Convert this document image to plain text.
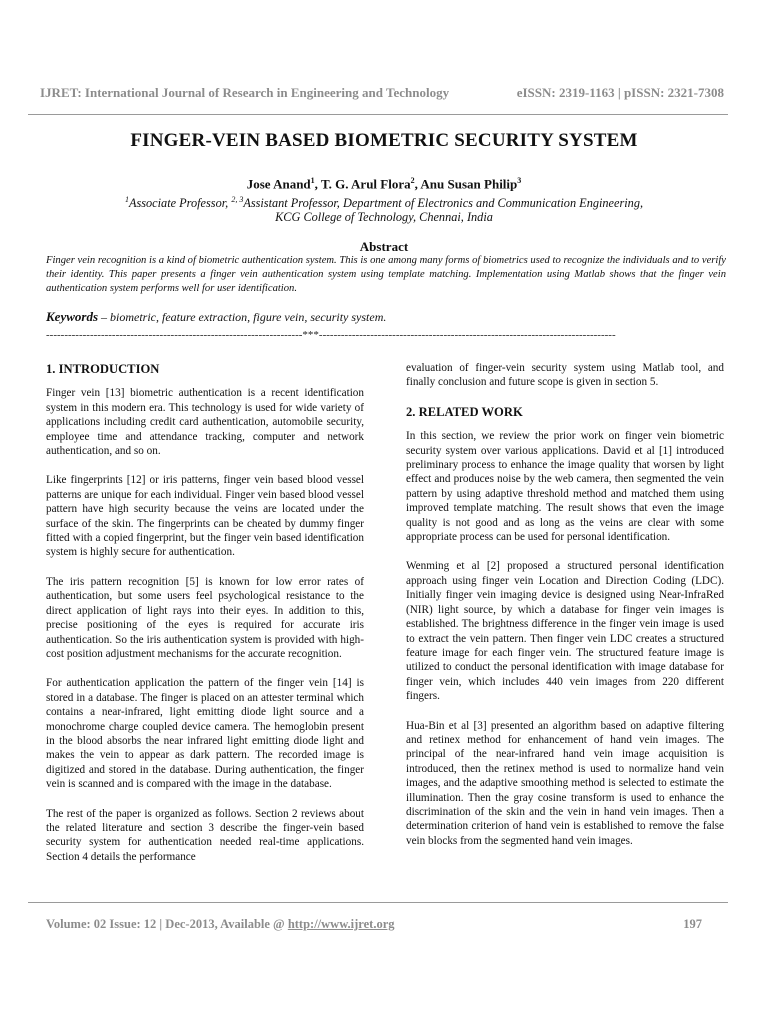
IJRET: International Journal of Research in Engineering and Technology	eISSN: 2319-1163 | pISSN: 2321-7308
FINGER-VEIN BASED BIOMETRIC SECURITY SYSTEM
Jose Anand$^1$, T. G. Arul Flora$^2$, Anu Susan Philip$^3$
$^1$Associate Professor, $^{2, 3}$Assistant Professor, Department of Electronics and Communication Engineering,
KCG College of Technology, Chennai, India
Abstract
Finger vein recognition is a kind of biometric authentication system. This is one among many forms of biometrics used to recognize the individuals and to verify their identity. This paper presents a finger vein authentication system using template matching. Implementation using Matlab shows that the finger vein authentication system performs well for user identification.
Keywords – biometric, feature extraction, figure vein, security system.
----------------------------------------------------------------------***---------------------------------------------------------------------------------
1. INTRODUCTION

Finger vein [13] biometric authentication is a recent identification system in this modern era. This technology is used for wide variety of applications including credit card authentication, automobile security, employee time and attendance tracking, computer and network authentication, and so on.

Like fingerprints [12] or iris patterns, finger vein based blood vessel patterns are unique for each individual. Finger vein based blood vessel pattern have high security because the veins are located under the surface of the skin. The fingerprints can be cheated by dummy finger fitted with a copied fingerprint, but the finger vein based identification system is highly secure for authentication.

The iris pattern recognition [5] is known for low error rates of authentication, but some users feel psychological resistance to the direct application of light rays into their eyes. In addition to this, precise positioning of the eyes is required for accurate iris authentication. So the iris authentication system is provided with high-cost position adjustment mechanisms for the accurate recognition.

For authentication application the pattern of the finger vein [14] is stored in a database. The finger is placed on an attester terminal which contains a near-infrared, light emitting diode light source and a monochrome charge coupled device camera. The hemoglobin present in the blood absorbs the near infrared light emitting diode light and makes the vein to appear as dark pattern. The recorded image is digitized and stored in the database. During authentication, the finger vein is scanned and is compared with the image in the database.

The rest of the paper is organized as follows. Section 2 reviews about the related literature and section 3 describe the finger-vein based security system for authentication needed real-time applications. Section 4 details the performance

evaluation of finger-vein security system using Matlab tool, and finally conclusion and future scope is given in section 5.

2. RELATED WORK

In this section, we review the prior work on finger vein biometric security system over various applications. David et al [1] introduced preliminary process to enhance the image quality that worsen by light effect and produces noise by the web camera, then segmented the vein pattern by using adaptive threshold method and matched them using improved template matching. The result shows that even the image quality is not good and as long as the veins are clear with some appropriate process can be used for personal identification.

Wenming et al [2] proposed a structured personal identification approach using finger vein Location and Direction Coding (LDC). Initially finger vein imaging device is designed using Near-InfraRed (NIR) light source, by which a database for finger vein images is established. The brightness difference in the finger vein image is used to extract the vein pattern. Then finger vein LDC creates a structured feature image for each finger vein. The structured feature image is utilized to conduct the personal identification with image database for finger vein, which includes 440 vein images from 220 different fingers.

Hua-Bin et al [3] presented an algorithm based on adaptive filtering and retinex method for enhancement of hand vein images. The principal of the near-infrared hand vein image acquisition is introduced, then the retinex method is used to normalize hand vein images, and the adaptive smoothing method is selected to estimate the illumination. Then the gray cosine transform is used to enhance the discrimination of the skin and the vein in hand vein images. Then a determination criterion of hand vein is established to remove the false vein blocks from the segmented hand vein images.

Volume: 02 Issue: 12 | Dec-2013, Available @ http://www.ijret.org	197
